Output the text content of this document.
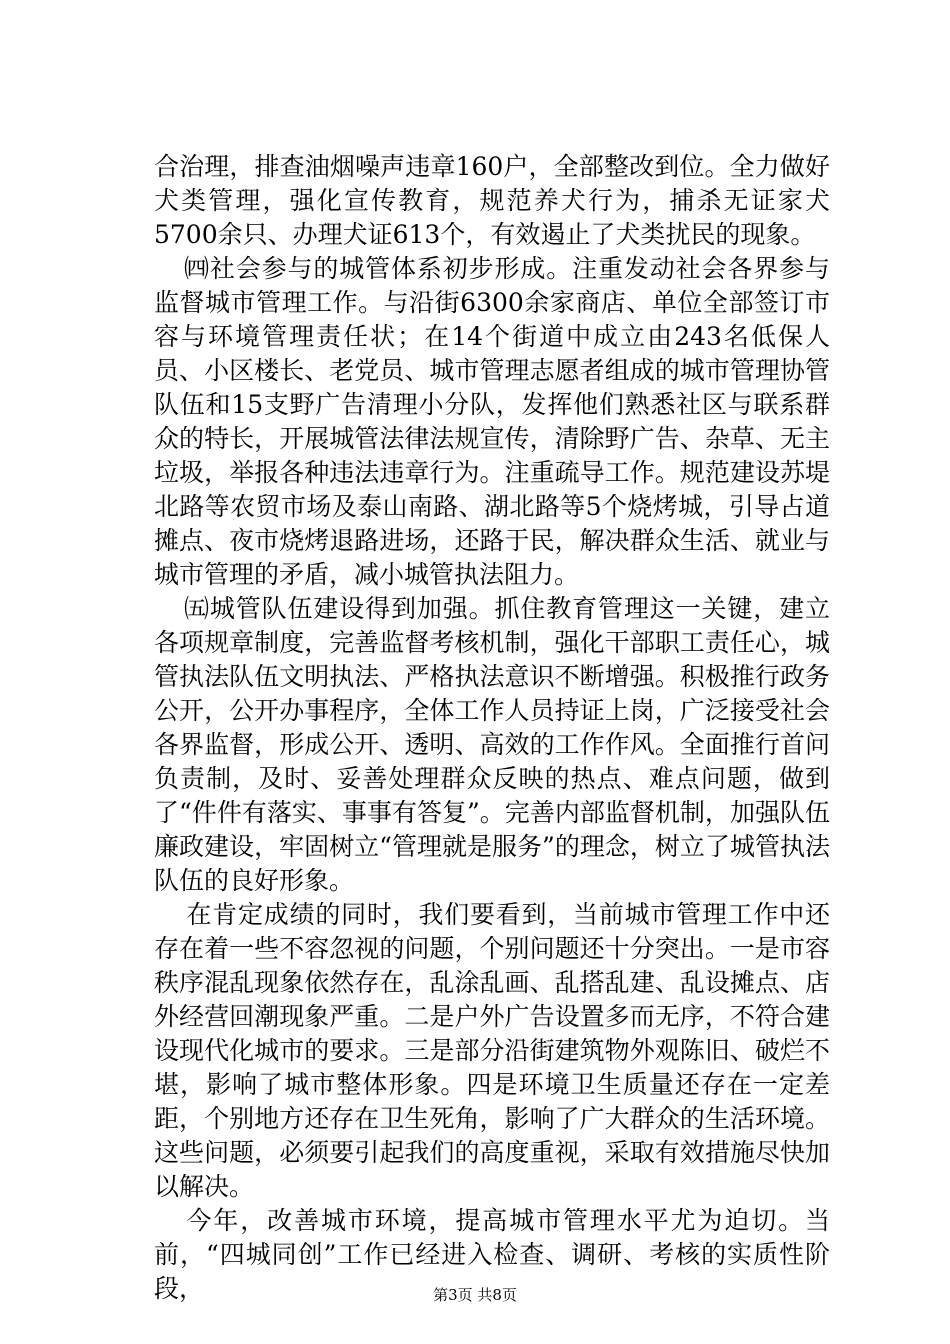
合治理，排查油烟噪声违章160户，全部整改到位。全力做好犬类管理，强化宣传教育，规范养犬行为，捕杀无证家犬5700余只、办理犬证613个，有效遏止了犬类扰民的现象。

㈣社会参与的城管体系初步形成。注重发动社会各界参与监督城市管理工作。与沿街6300余家商店、单位全部签订市容与环境管理责任状；在14个街道中成立由243名低保人员、小区楼长、老党员、城市管理志愿者组成的城市管理协管队伍和15支野广告清理小分队，发挥他们熟悉社区与联系群众的特长，开展城管法律法规宣传，清除野广告、杂草、无主垃圾，举报各种违法违章行为。注重疏导工作。规范建设苏堤北路等农贸市场及泰山南路、湖北路等5个烧烤城，引导占道摊点、夜市烧烤退路进场，还路于民，解决群众生活、就业与城市管理的矛盾，减小城管执法阻力。

㈤城管队伍建设得到加强。抓住教育管理这一关键，建立各项规章制度，完善监督考核机制，强化干部职工责任心，城管执法队伍文明执法、严格执法意识不断增强。积极推行政务公开，公开办事程序，全体工作人员持证上岗，广泛接受社会各界监督，形成公开、透明、高效的工作作风。全面推行首问负责制，及时、妥善处理群众反映的热点、难点问题，做到了“件件有落实、事事有答复”。完善内部监督机制，加强队伍廉政建设，牢固树立“管理就是服务”的理念，树立了城管执法队伍的良好形象。

在肯定成绩的同时，我们要看到，当前城市管理工作中还存在着一些不容忽视的问题，个别问题还十分突出。一是市容秩序混乱现象依然存在，乱涂乱画、乱搭乱建、乱设摊点、店外经营回潮现象严重。二是户外广告设置多而无序，不符合建设现代化城市的要求。三是部分沿街建筑物外观陈旧、破烂不堪，影响了城市整体形象。四是环境卫生质量还存在一定差距，个别地方还存在卫生死角，影响了广大群众的生活环境。这些问题，必须要引起我们的高度重视，采取有效措施尽快加以解决。

今年，改善城市环境，提高城市管理水平尤为迫切。当前，“四城同创”工作已经进入检查、调研、考核的实质性阶段，	第3页 共8页
